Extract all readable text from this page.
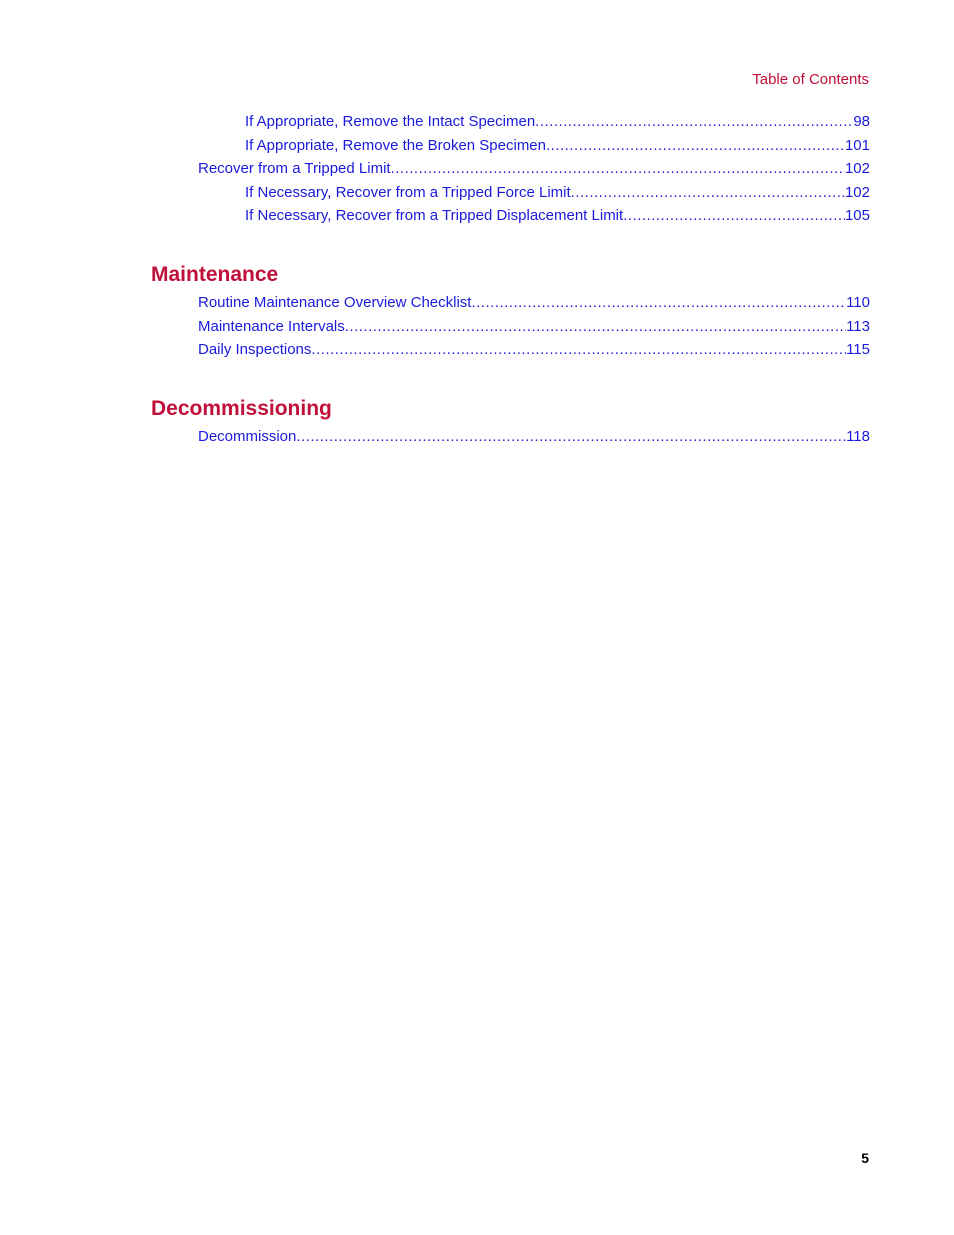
Table of Contents
If Appropriate, Remove the Intact Specimen .....	98
If Appropriate, Remove the Broken Specimen .....	101
Recover from a Tripped Limit .....	102
If Necessary, Recover from a Tripped Force Limit .....	102
If Necessary, Recover from a Tripped Displacement Limit .....	105
Maintenance
Routine Maintenance Overview Checklist .....	110
Maintenance Intervals .....	113
Daily Inspections .....	115
Decommissioning
Decommission .....	118
5
